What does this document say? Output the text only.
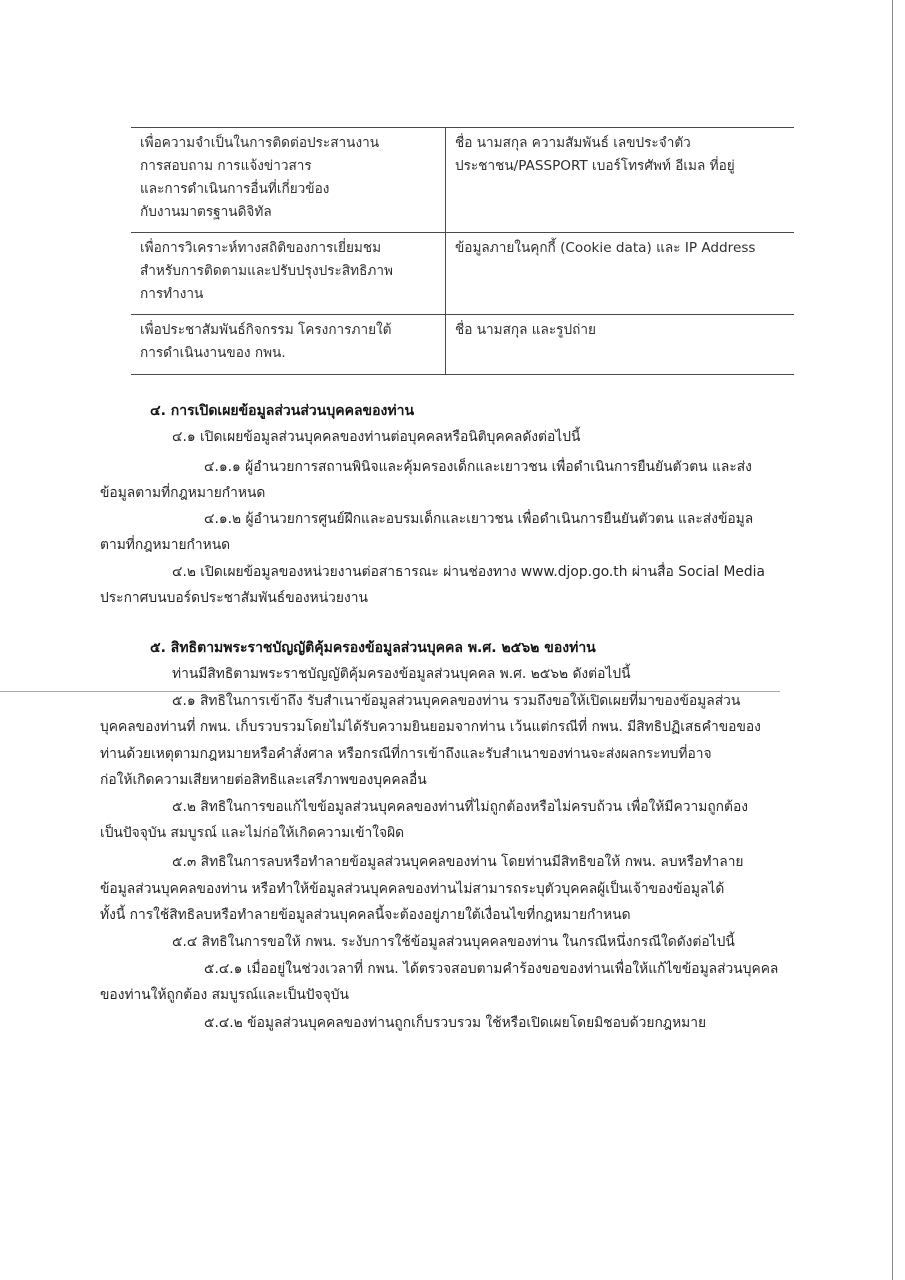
เพื่อความจำเป็นในการติดต่อประสานงาน
การสอบถาม การแจ้งข่าวสาร
และการดำเนินการอื่นที่เกี่ยวข้อง
กับงานมาตรฐานดิจิทัล	ชื่อ นามสกุล ความสัมพันธ์ เลขประจำตัว ประชาชน/PASSPORT เบอร์โทรศัพท์ อีเมล ที่อยู่

เพื่อการวิเคราะห์ทางสถิติของการเยี่ยมชม
สำหรับการติดตามและปรับปรุงประสิทธิภาพ
การทำงาน	ข้อมูลภายในคุกกี้ (Cookie data) และ IP Address

เพื่อประชาสัมพันธ์กิจกรรม โครงการภายใต้
การดำเนินงานของ กพน.	ชื่อ นามสกุล และรูปถ่าย
๔. การเปิดเผยข้อมูลส่วนส่วนบุคคลของท่าน
๔.๑ เปิดเผยข้อมูลส่วนบุคคลของท่านต่อบุคคลหรือนิติบุคคลดังต่อไปนี้
๔.๑.๑ ผู้อำนวยการสถานพินิจและคุ้มครองเด็กและเยาวชน เพื่อดำเนินการยืนยันตัวตน และส่ง
ข้อมูลตามที่กฎหมายกำหนด
๔.๑.๒ ผู้อำนวยการศูนย์ฝึกและอบรมเด็กและเยาวชน เพื่อดำเนินการยืนยันตัวตน และส่งข้อมูล
ตามที่กฎหมายกำหนด
๔.๒ เปิดเผยข้อมูลของหน่วยงานต่อสาธารณะ ผ่านช่องทาง www.djop.go.th ผ่านสื่อ Social Media
ประกาศบนบอร์ดประชาสัมพันธ์ของหน่วยงาน
๕. สิทธิตามพระราชบัญญัติคุ้มครองข้อมูลส่วนบุคคล พ.ศ. ๒๕๖๒ ของท่าน
ท่านมีสิทธิตามพระราชบัญญัติคุ้มครองข้อมูลส่วนบุคคล พ.ศ. ๒๕๖๒ ดังต่อไปนี้
๕.๑ สิทธิในการเข้าถึง รับสำเนาข้อมูลส่วนบุคคลของท่าน รวมถึงขอให้เปิดเผยที่มาของข้อมูลส่วน
บุคคลของท่านที่ กพน. เก็บรวบรวมโดยไม่ได้รับความยินยอมจากท่าน เว้นแต่กรณีที่ กพน. มีสิทธิปฏิเสธคำขอของ
ท่านด้วยเหตุตามกฎหมายหรือคำสั่งศาล หรือกรณีที่การเข้าถึงและรับสำเนาของท่านจะส่งผลกระทบที่อาจ
ก่อให้เกิดความเสียหายต่อสิทธิและเสรีภาพของบุคคลอื่น
๕.๒ สิทธิในการขอแก้ไขข้อมูลส่วนบุคคลของท่านที่ไม่ถูกต้องหรือไม่ครบถ้วน เพื่อให้มีความถูกต้อง
เป็นปัจจุบัน สมบูรณ์ และไม่ก่อให้เกิดความเข้าใจผิด
๕.๓ สิทธิในการลบหรือทำลายข้อมูลส่วนบุคคลของท่าน โดยท่านมีสิทธิขอให้ กพน. ลบหรือทำลาย
ข้อมูลส่วนบุคคลของท่าน หรือทำให้ข้อมูลส่วนบุคคลของท่านไม่สามารถระบุตัวบุคคลผู้เป็นเจ้าของข้อมูลได้
ทั้งนี้ การใช้สิทธิลบหรือทำลายข้อมูลส่วนบุคคลนี้จะต้องอยู่ภายใต้เงื่อนไขที่กฎหมายกำหนด
๕.๔ สิทธิในการขอให้ กพน. ระงับการใช้ข้อมูลส่วนบุคคลของท่าน ในกรณีหนึ่งกรณีใดดังต่อไปนี้
๕.๔.๑ เมื่ออยู่ในช่วงเวลาที่ กพน. ได้ตรวจสอบตามคำร้องขอของท่านเพื่อให้แก้ไขข้อมูลส่วนบุคคล
ของท่านให้ถูกต้อง สมบูรณ์และเป็นปัจจุบัน
๕.๔.๒ ข้อมูลส่วนบุคคลของท่านถูกเก็บรวบรวม ใช้หรือเปิดเผยโดยมิชอบด้วยกฎหมาย
